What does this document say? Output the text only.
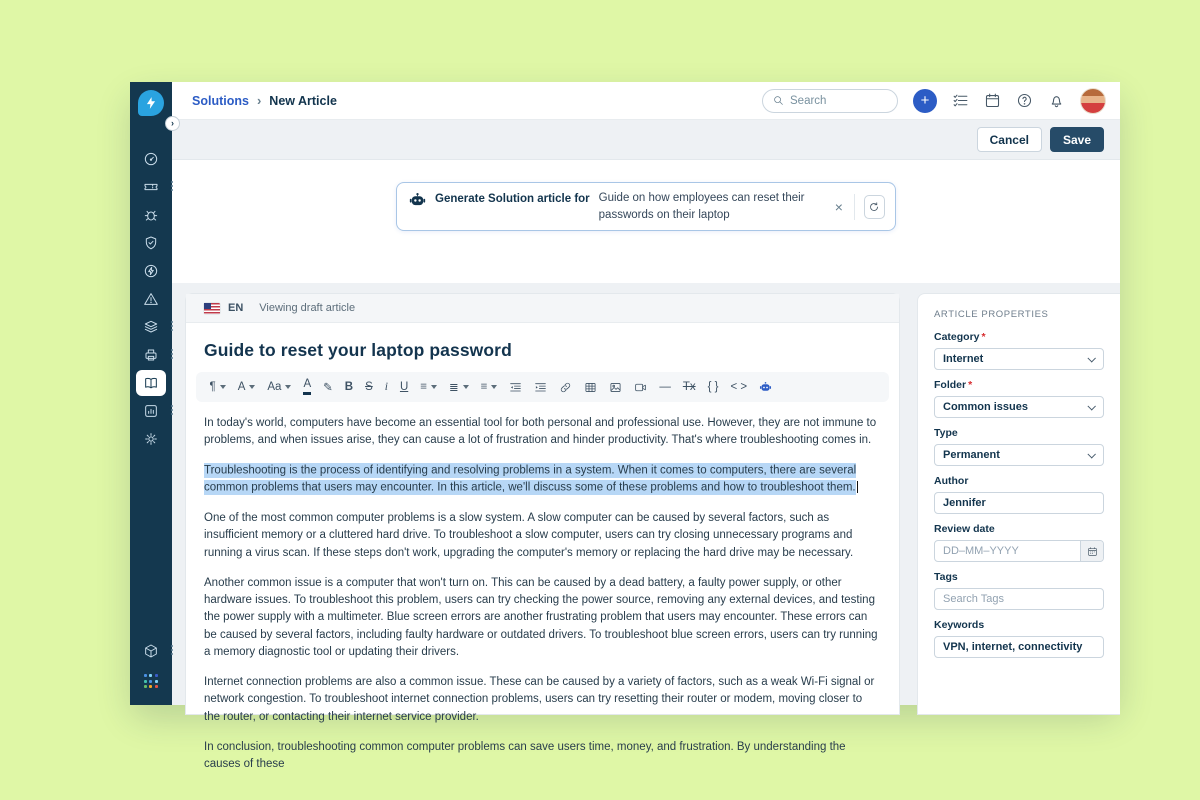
›
Solutions › New Article	Search	+
Cancel	Save
Generate Solution article for Guide on how employees can reset their passwords on their laptop	×
EN Viewing draft article
Guide to reset your laptop password
¶ A Aa A ✎ B S i U ≡ ≣ ≡	— Tx { } < >

In today's world, computers have become an essential tool for both personal and professional use. However, they are not immune to problems, and when issues arise, they can cause a lot of frustration and hinder productivity. That's where troubleshooting comes in.

Troubleshooting is the process of identifying and resolving problems in a system. When it comes to computers, there are several common problems that users may encounter. In this article, we'll discuss some of these problems and how to troubleshoot them.

One of the most common computer problems is a slow system. A slow computer can be caused by several factors, such as insufficient memory or a cluttered hard drive. To troubleshoot a slow computer, users can try closing unnecessary programs and running a virus scan. If these steps don't work, upgrading the computer's memory or replacing the hard drive may be necessary.

Another common issue is a computer that won't turn on. This can be caused by a dead battery, a faulty power supply, or other hardware issues. To troubleshoot this problem, users can try checking the power source, removing any external devices, and testing the power supply with a multimeter. Blue screen errors are another frustrating problem that users may encounter. These errors can be caused by several factors, including faulty hardware or outdated drivers. To troubleshoot blue screen errors, users can try running a memory diagnostic tool or updating their drivers.

Internet connection problems are also a common issue. These can be caused by a variety of factors, such as a weak Wi-Fi signal or network congestion. To troubleshoot internet connection problems, users can try resetting their router or modem, moving closer to the router, or contacting their internet service provider.

In conclusion, troubleshooting common computer problems can save users time, money, and frustration. By understanding the causes of these

ARTICLE PROPERTIES
Category *
Internet
Folder *
Common issues
Type
Permanent
Author
Jennifer
Review date
DD–MM–YYYY
Tags
Search Tags
Keywords
VPN, internet, connectivity
